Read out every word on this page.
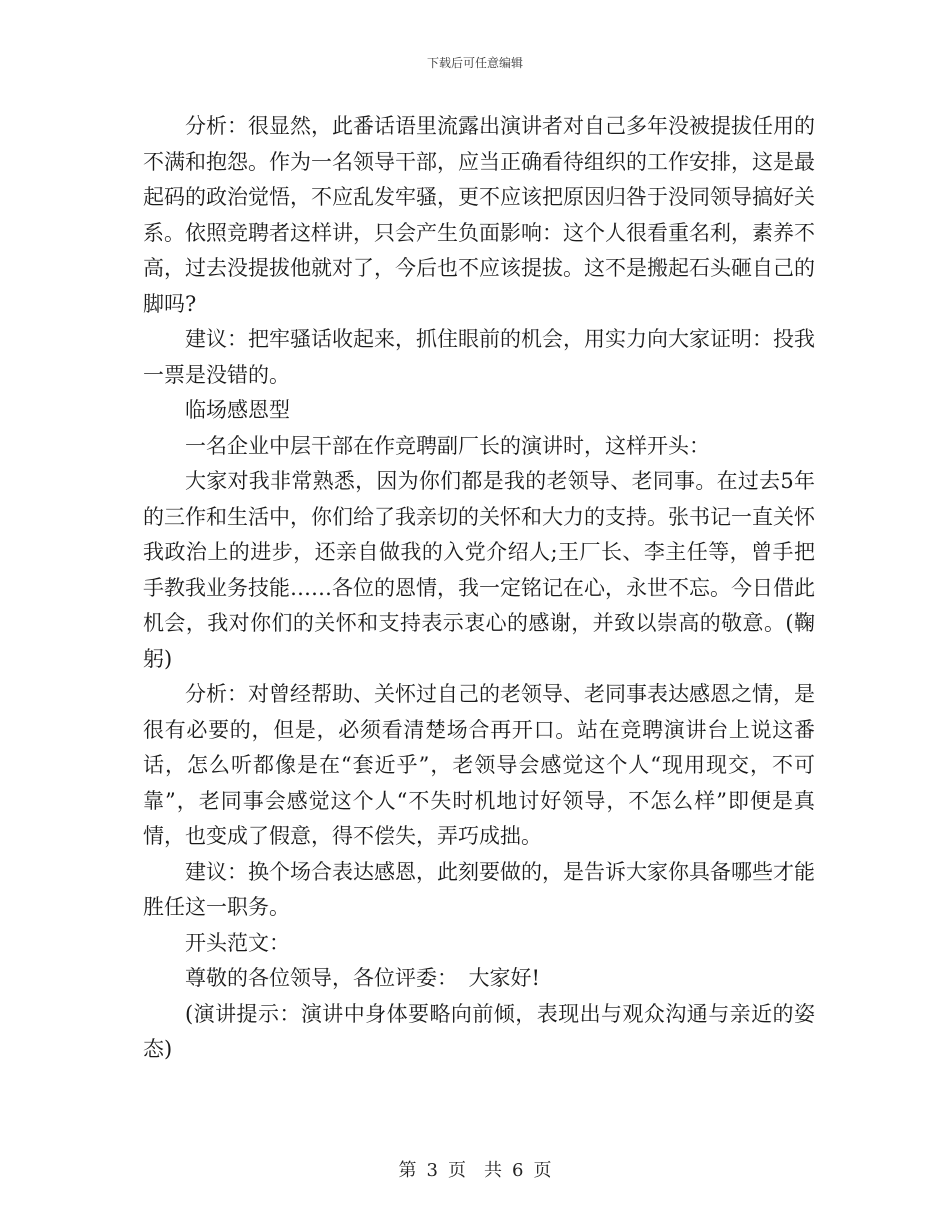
下载后可任意编辑

分析：很显然，此番话语里流露出演讲者对自己多年没被提拔任用的不满和抱怨。作为一名领导干部，应当正确看待组织的工作安排，这是最起码的政治觉悟，不应乱发牢骚，更不应该把原因归咎于没同领导搞好关系。依照竞聘者这样讲，只会产生负面影响：这个人很看重名利，素养不高，过去没提拔他就对了，今后也不应该提拔。这不是搬起石头砸自己的脚吗?

建议：把牢骚话收起来，抓住眼前的机会，用实力向大家证明：投我一票是没错的。

临场感恩型

一名企业中层干部在作竞聘副厂长的演讲时，这样开头：

大家对我非常熟悉，因为你们都是我的老领导、老同事。在过去5年的三作和生活中，你们给了我亲切的关怀和大力的支持。张书记一直关怀我政治上的进步，还亲自做我的入党介绍人;王厂长、李主任等，曾手把手教我业务技能……各位的恩情，我一定铭记在心，永世不忘。今日借此机会，我对你们的关怀和支持表示衷心的感谢，并致以崇高的敬意。(鞠躬)

分析：对曾经帮助、关怀过自己的老领导、老同事表达感恩之情，是很有必要的，但是，必须看清楚场合再开口。站在竞聘演讲台上说这番话，怎么听都像是在“套近乎”，老领导会感觉这个人“现用现交，不可靠”，老同事会感觉这个人“不失时机地讨好领导，不怎么样”即便是真情，也变成了假意，得不偿失，弄巧成拙。

建议：换个场合表达感恩，此刻要做的，是告诉大家你具备哪些才能胜任这一职务。

开头范文：

尊敬的各位领导，各位评委：　大家好!

(演讲提示：演讲中身体要略向前倾，表现出与观众沟通与亲近的姿态)

第 3 页　共 6 页
